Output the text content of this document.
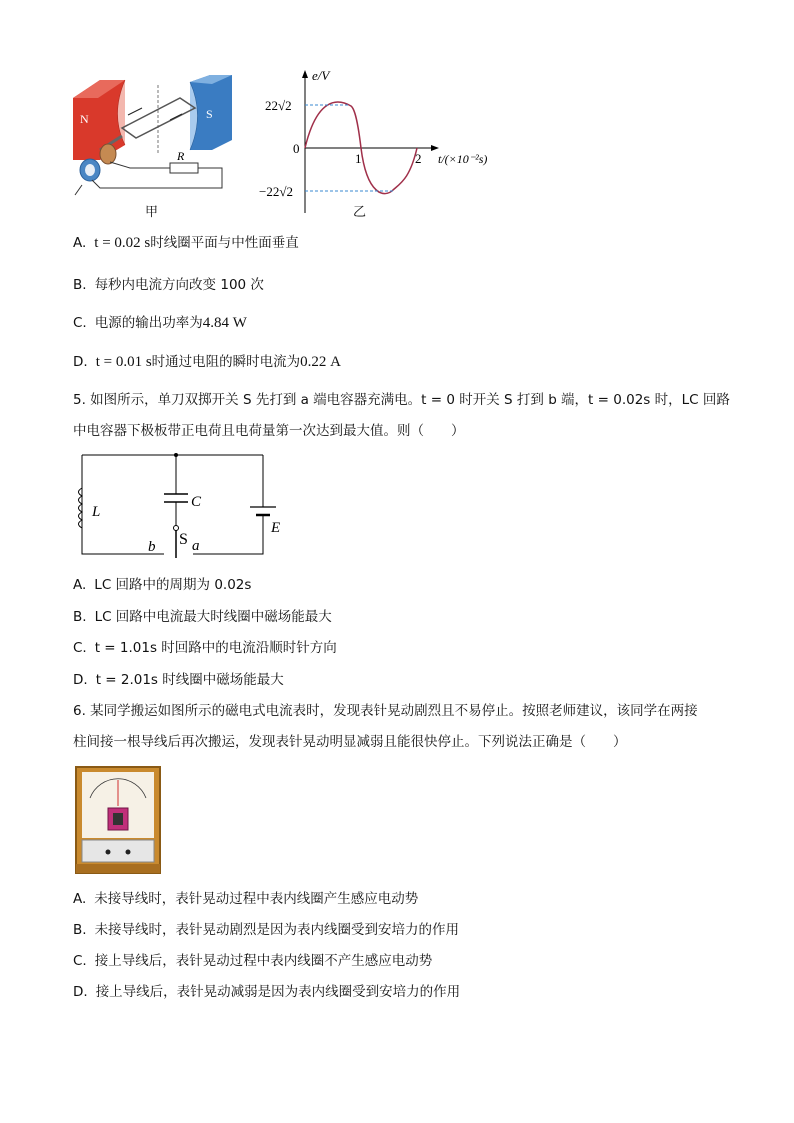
N	S
R
甲
e/V
22√2
0
−22√2
1	2 t/(×10⁻²s)
乙
A. t = 0.02 s时线圈平面与中性面垂直
B. 每秒内电流方向改变 100 次
C. 电源的输出功率为4.84 W
D. t = 0.01 s时通过电阻的瞬时电流为0.22 A
5. 如图所示，单刀双掷开关 S 先打到 a 端电容器充满电。t = 0 时开关 S 打到 b 端，t = 0.02s 时，LC 回路
中电容器下极板带正电荷且电荷量第一次达到最大值。则（　　）
L
C
E
S
b a
A. LC 回路中的周期为 0.02s
B. LC 回路中电流最大时线圈中磁场能最大
C. t = 1.01s 时回路中的电流沿顺时针方向
D. t = 2.01s 时线圈中磁场能最大
6. 某同学搬运如图所示的磁电式电流表时，发现表针晃动剧烈且不易停止。按照老师建议，该同学在两接
柱间接一根导线后再次搬运，发现表针晃动明显减弱且能很快停止。下列说法正确是（　　）
A. 未接导线时，表针晃动过程中表内线圈产生感应电动势
B. 未接导线时，表针晃动剧烈是因为表内线圈受到安培力的作用
C. 接上导线后，表针晃动过程中表内线圈不产生感应电动势
D. 接上导线后，表针晃动减弱是因为表内线圈受到安培力的作用
